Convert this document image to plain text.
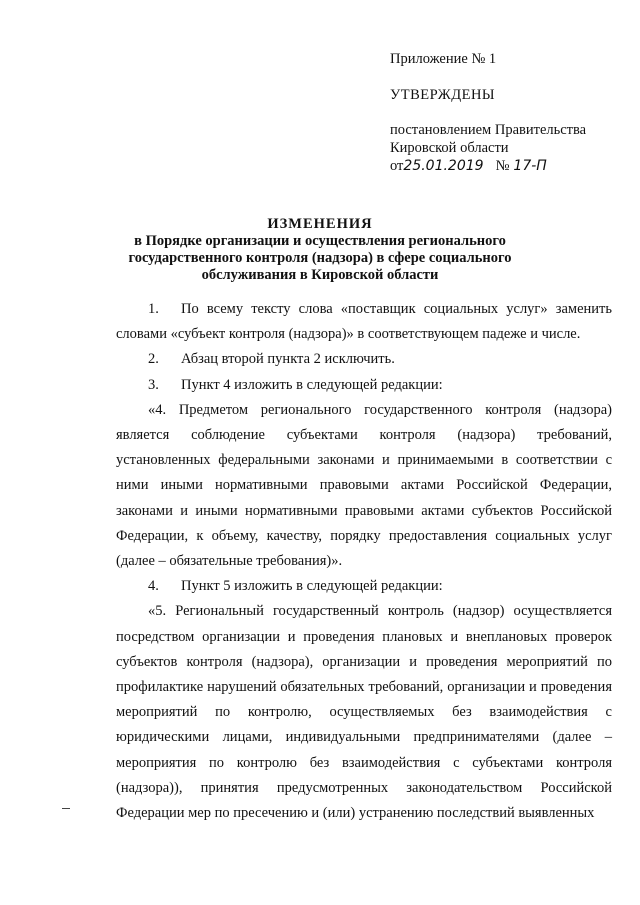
Приложение № 1
УТВЕРЖДЕНЫ
постановлением Правительства
Кировской области
от 25.01.2019 № 17-П
ИЗМЕНЕНИЯ
в Порядке организации и осуществления регионального
государственного контроля (надзора) в сфере социального
обслуживания в Кировской области

1. По всему тексту слова «поставщик социальных услуг» заменить словами «субъект контроля (надзора)» в соответствующем падеже и числе.

2. Абзац второй пункта 2 исключить.

3. Пункт 4 изложить в следующей редакции:

«4. Предметом регионального государственного контроля (надзора) является соблюдение субъектами контроля (надзора) требований, установленных федеральными законами и принимаемыми в соответствии с ними иными нормативными правовыми актами Российской Федерации, законами и иными нормативными правовыми актами субъектов Российской Федерации, к объему, качеству, порядку предоставления социальных услуг (далее – обязательные требования)».

4. Пункт 5 изложить в следующей редакции:

«5. Региональный государственный контроль (надзор) осуществляется посредством организации и проведения плановых и внеплановых проверок субъектов контроля (надзора), организации и проведения мероприятий по профилактике нарушений обязательных требований, организации и проведения мероприятий по контролю, осуществляемых без взаимодействия с юридическими лицами, индивидуальными предпринимателями (далее – мероприятия по контролю без взаимодействия с субъектами контроля (надзора)), принятия предусмотренных законодательством Российской Федерации мер по пресечению и (или) устранению последствий выявленных
